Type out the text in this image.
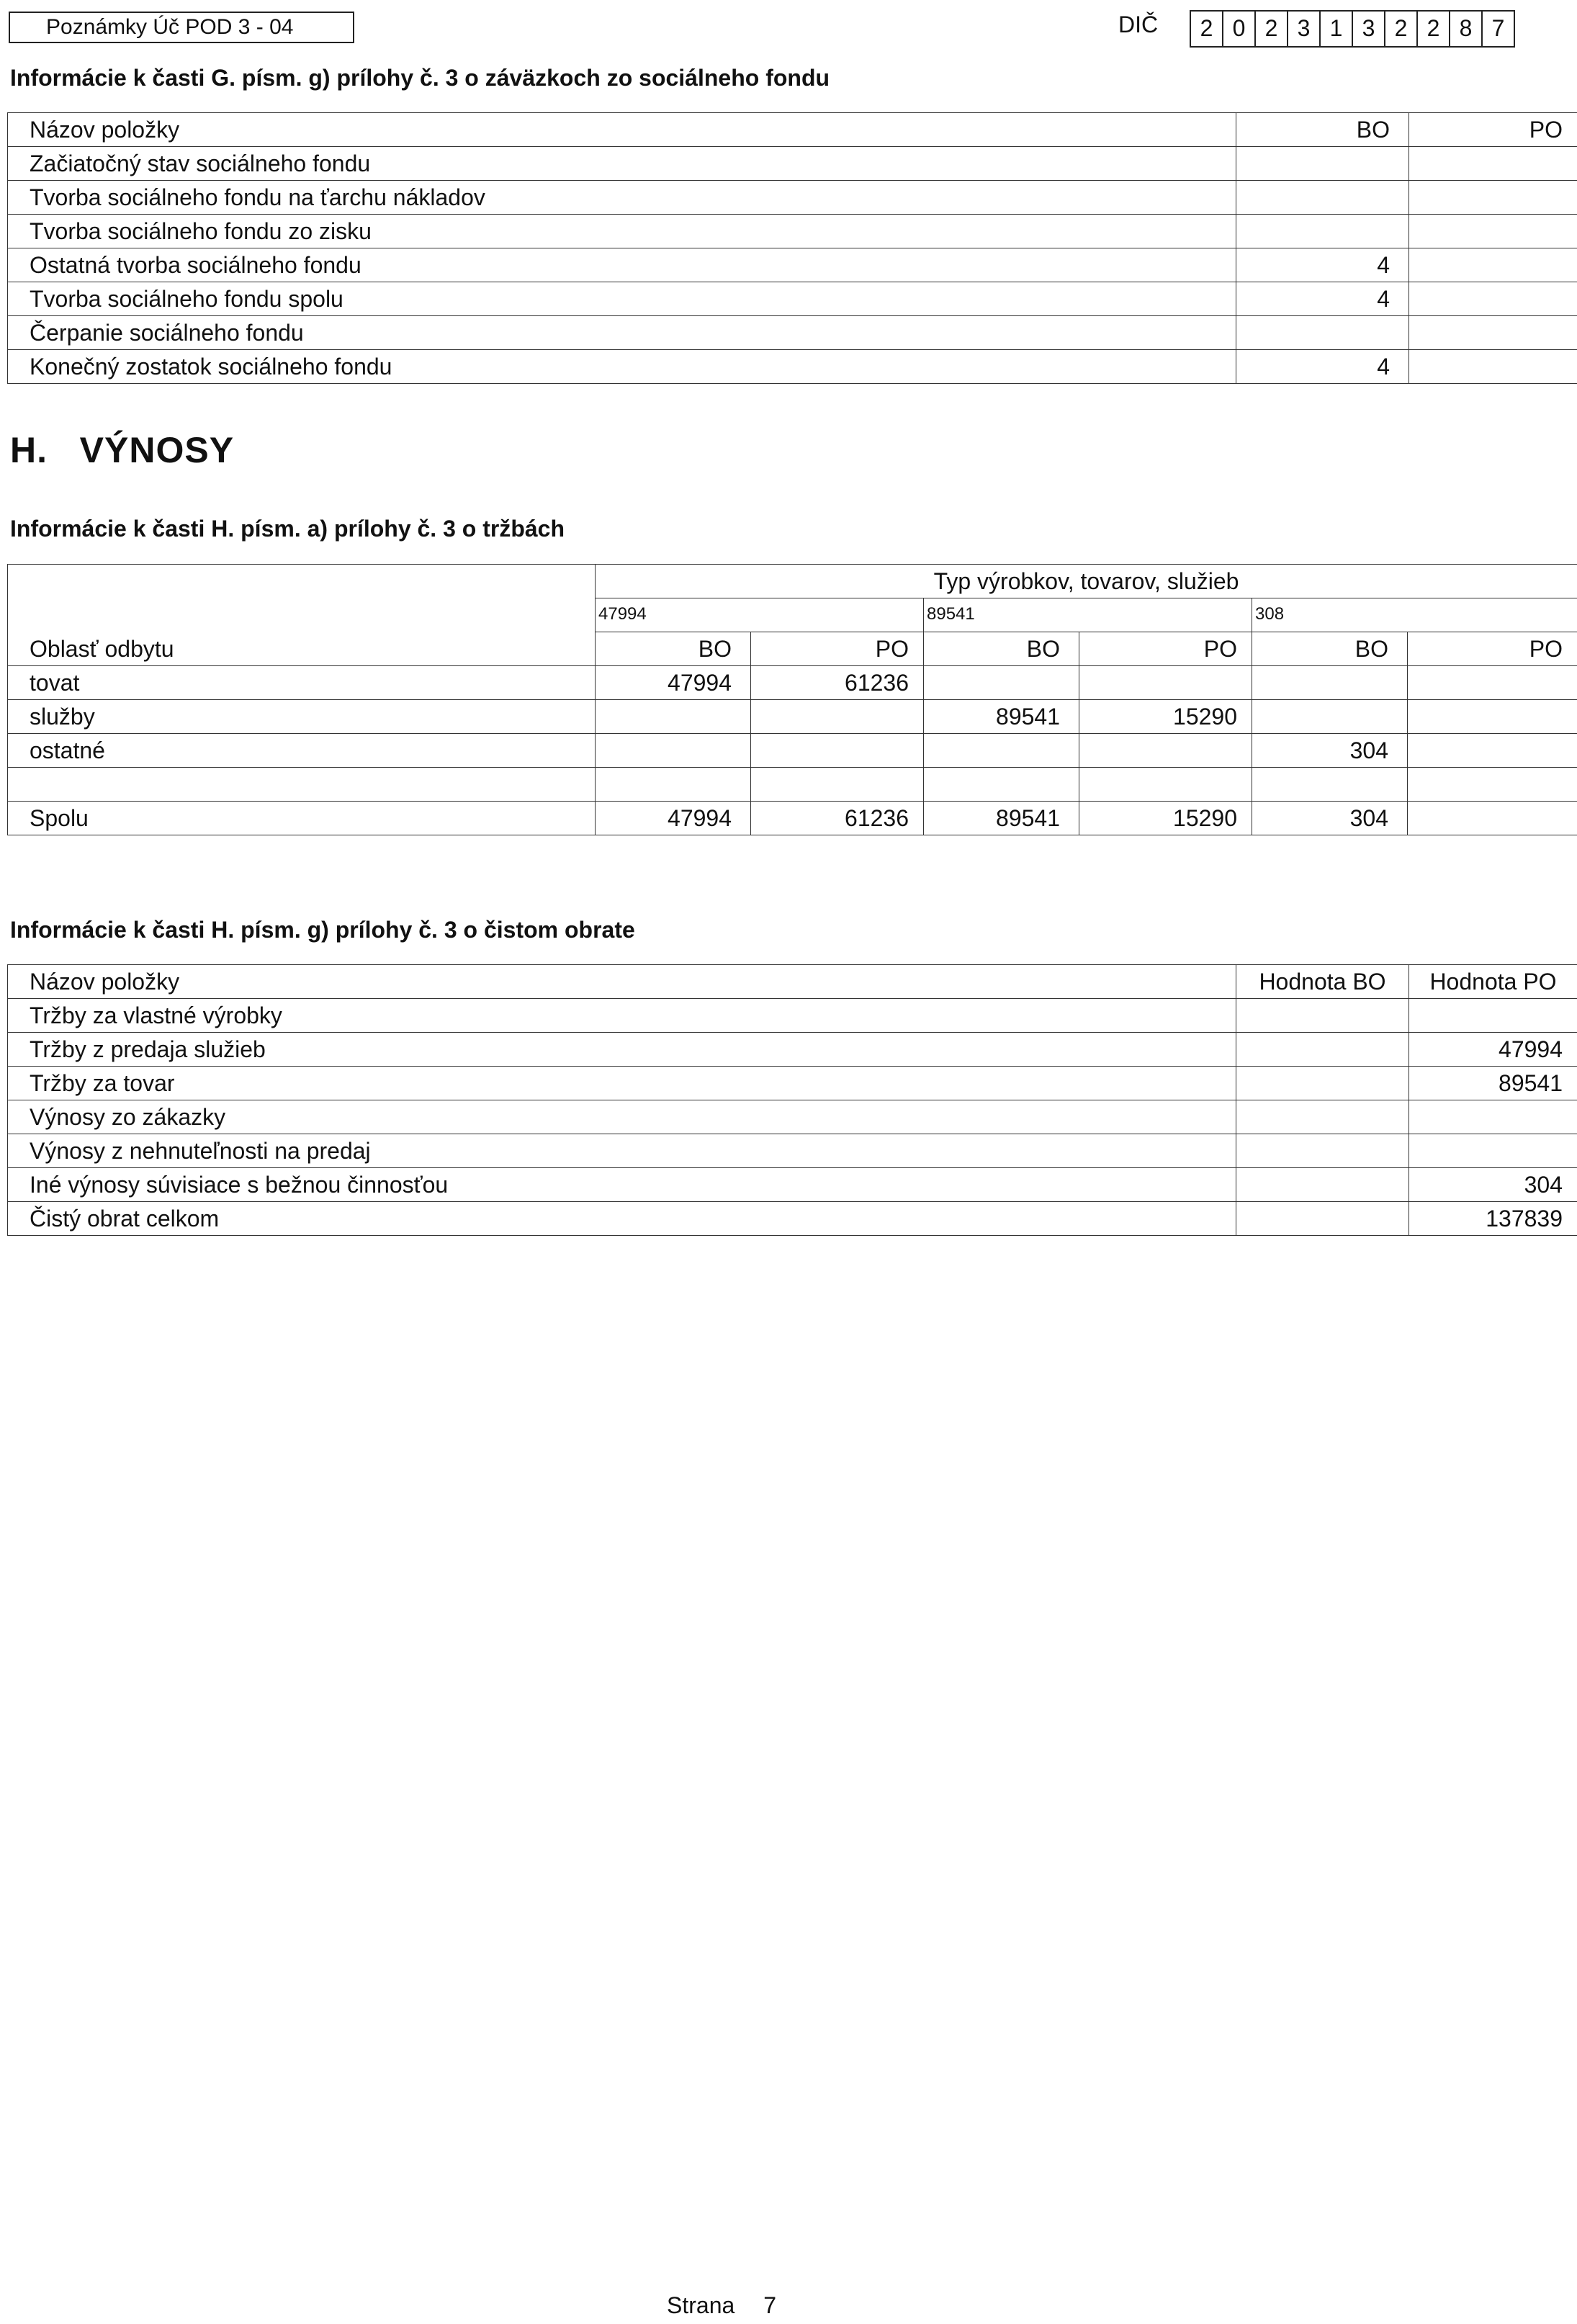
Poznámky Úč POD 3 - 04	DIČ	2 0 2 3 1 3 2 2 8 7
Informácie k časti G. písm. g) prílohy č. 3 o záväzkoch zo sociálneho fondu
Názov položky	BO	PO
Začiatočný stav sociálneho fondu		
Tvorba sociálneho fondu na ťarchu nákladov		
Tvorba sociálneho fondu zo zisku		
Ostatná tvorba sociálneho fondu	4	
Tvorba sociálneho fondu spolu	4	
Čerpanie sociálneho fondu		
Konečný zostatok sociálneho fondu	4	
H.   VÝNOSY
Informácie k časti H. písm. a) prílohy č. 3 o tržbách
Oblasť odbytu	Typ výrobkov, tovarov, služieb					
	47994		89541		308	
	BO	PO	BO	PO	BO	PO
tovat	47994	61236				
služby			89541	15290		
ostatné					304	

Spolu	47994	61236	89541	15290	304	
Informácie k časti H. písm. g) prílohy č. 3 o čistom obrate
Názov položky	Hodnota BO	Hodnota PO
Tržby za vlastné výrobky		
Tržby z predaja služieb		47994
Tržby za tovar		89541
Výnosy zo zákazky		
Výnosy z nehnuteľnosti na predaj		
Iné výnosy súvisiace s bežnou činnosťou		304
Čistý obrat celkom		137839
Strana 7
